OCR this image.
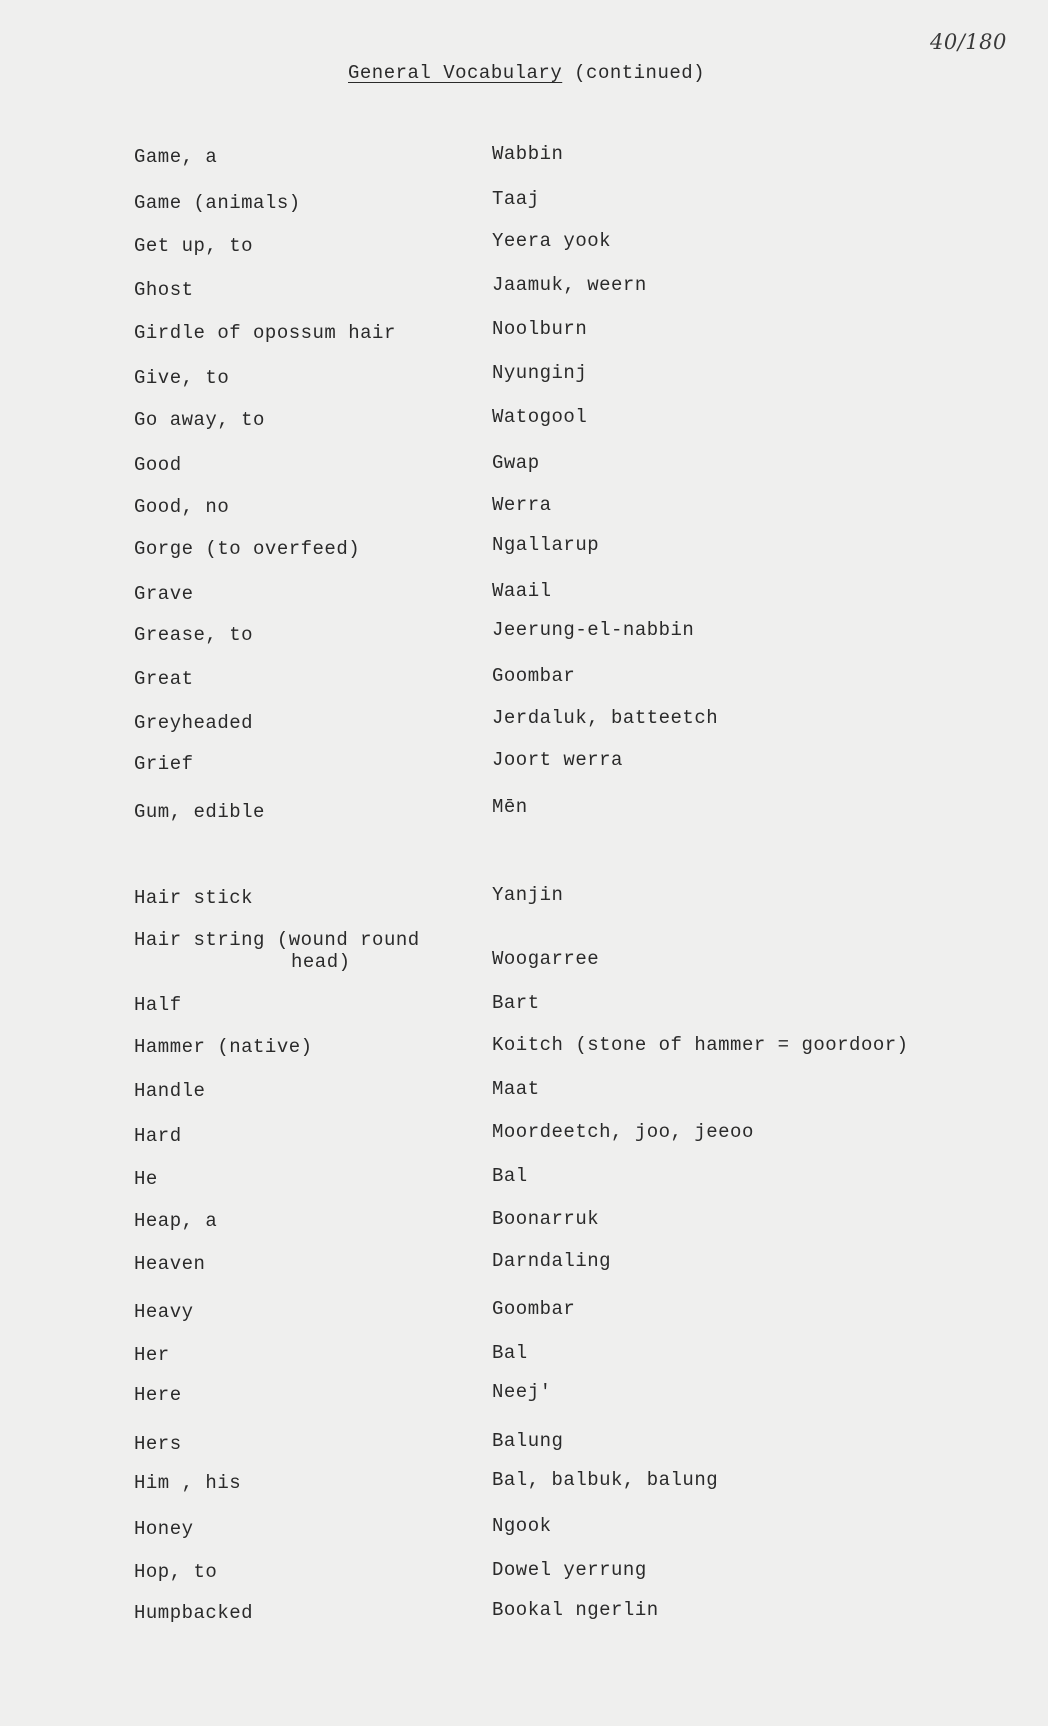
40/180
General Vocabulary (continued)
Game, a	Wabbin
Game (animals)	Taaj
Get up, to	Yeera yook
Ghost	Jaamuk, weern
Girdle of opossum hair	Noolburn
Give, to	Nyunginj
Go away, to	Watogool
Good	Gwap
Good, no	Werra
Gorge (to overfeed)	Ngallarup
Grave	Waail
Grease, to	Jeerung-el-nabbin
Great	Goombar
Greyheaded	Jerdaluk, batteetch
Grief	Joort werra
Gum, edible	Mēn
Hair stick	Yanjin
Hair string (wound round
head)	Woogarree
Half	Bart
Hammer (native)	Koitch (stone of hammer = goordoor)
Handle	Maat
Hard	Moordeetch, joo, jeeoo
He	Bal
Heap, a	Boonarruk
Heaven	Darndaling
Heavy	Goombar
Her	Bal
Here	Neej'
Hers	Balung
Him , his	Bal, balbuk, balung
Honey	Ngook
Hop, to	Dowel yerrung
Humpbacked	Bookal ngerlin
